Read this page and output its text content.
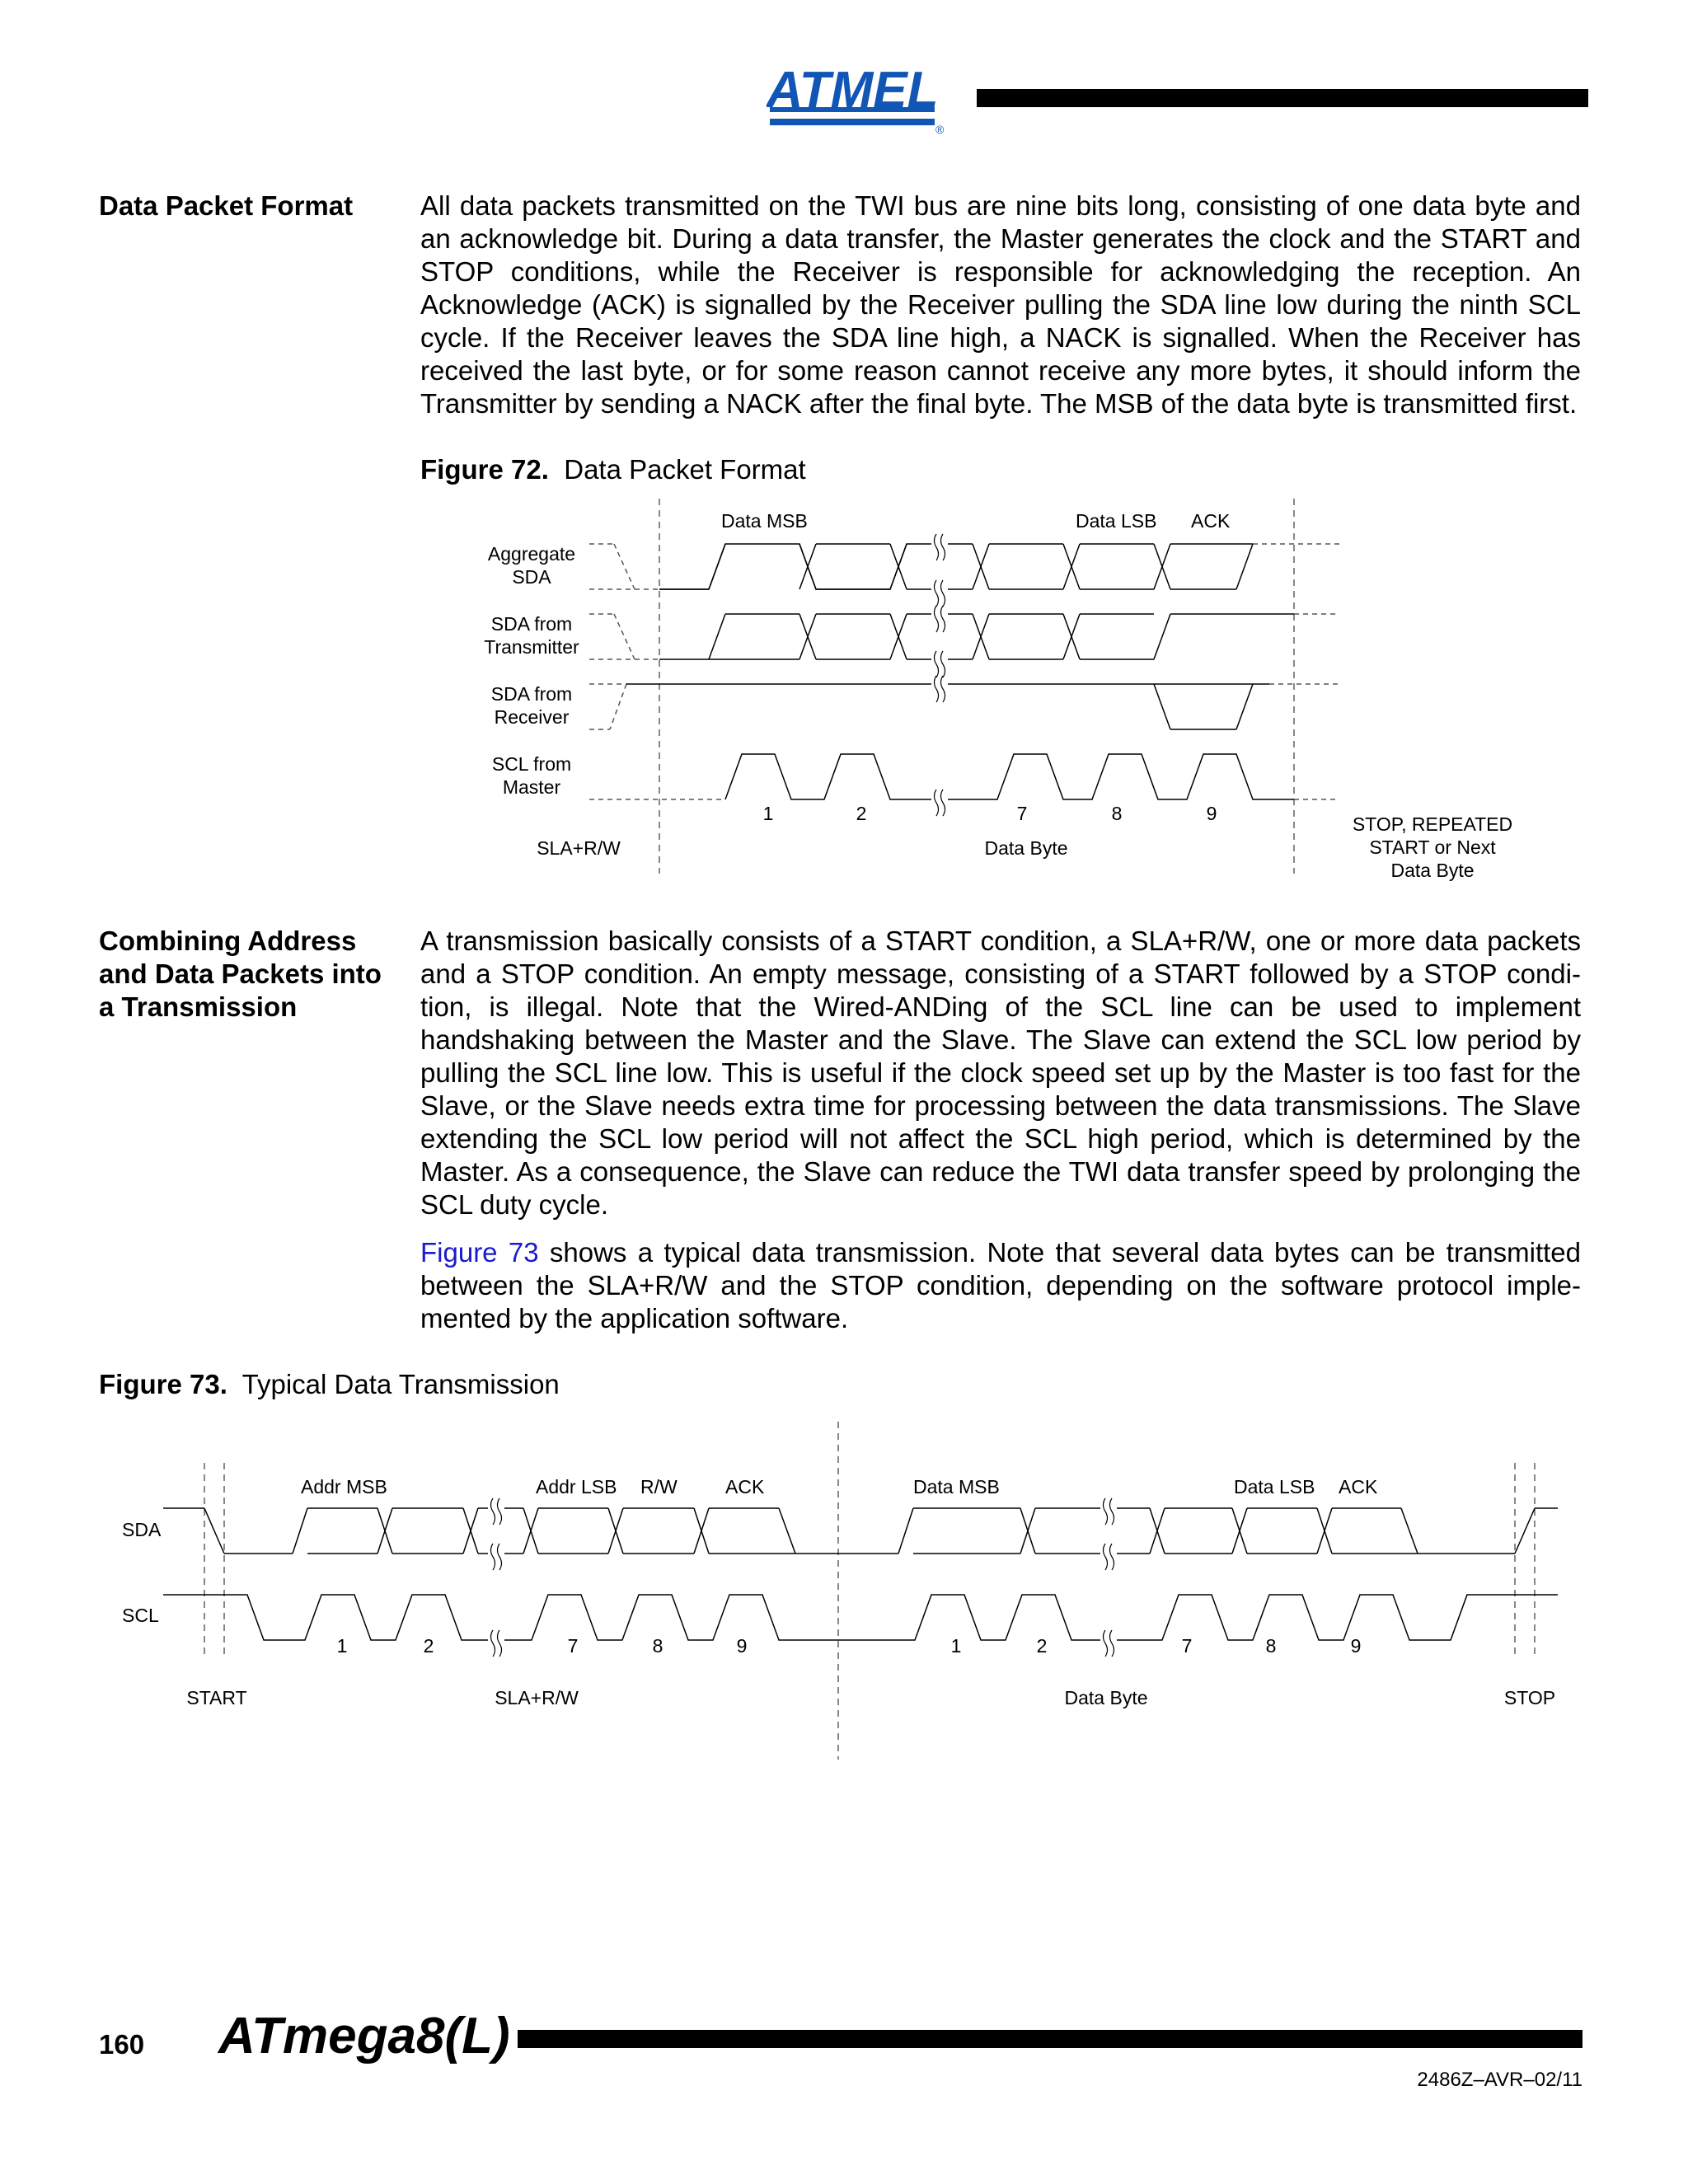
ATMEL
®
Data Packet Format	All data packets transmitted on the TWI bus are nine bits long, consisting of one data byte and an acknowledge bit. During a data transfer, the Master generates the clock and the START and STOP conditions, while the Receiver is responsible for acknowledging the reception. An Acknowledge (ACK) is signalled by the Receiver pulling the SDA line low during the ninth SCL cycle. If the Receiver leaves the SDA line high, a NACK is signalled. When the Receiver has received the last byte, or for some reason cannot receive any more bytes, it should inform the Transmitter by sending a NACK after the final byte. The MSB of the data byte is transmitted first.
Figure 72. Data Packet Format
Data MSB	Data LSB ACK
Aggregate
SDA
SDA from
Transmitter
SDA from
Receiver
SCL from
Master
1	2	7	8	9
SLA+R/W	Data Byte
STOP, REPEATED
START or Next
Data Byte
Combining Address
and Data Packets into
a Transmission
A transmission basically consists of a START condition, a SLA+R/W, one or more data packets and a STOP condition. An empty message, consisting of a START followed by a STOP condi-tion, is illegal. Note that the Wired-ANDing of the SCL line can be used to implement handshaking between the Master and the Slave. The Slave can extend the SCL low period by pulling the SCL line low. This is useful if the clock speed set up by the Master is too fast for the Slave, or the Slave needs extra time for processing between the data transmissions. The Slave extending the SCL low period will not affect the SCL high period, which is determined by the Master. As a consequence, the Slave can reduce the TWI data transfer speed by prolonging the SCL duty cycle.
Figure 73 shows a typical data transmission. Note that several data bytes can be transmitted between the SLA+R/W and the STOP condition, depending on the software protocol imple-mented by the application software.
Figure 73. Typical Data Transmission
Addr MSB	Addr LSB R/W	ACK	Data MSB	Data LSB ACK
SDA
SCL
1	2	7	8	9	1	2	7	8	9
START	SLA+R/W	Data Byte	STOP
160 ATmega8(L)
2486Z–AVR–02/11
